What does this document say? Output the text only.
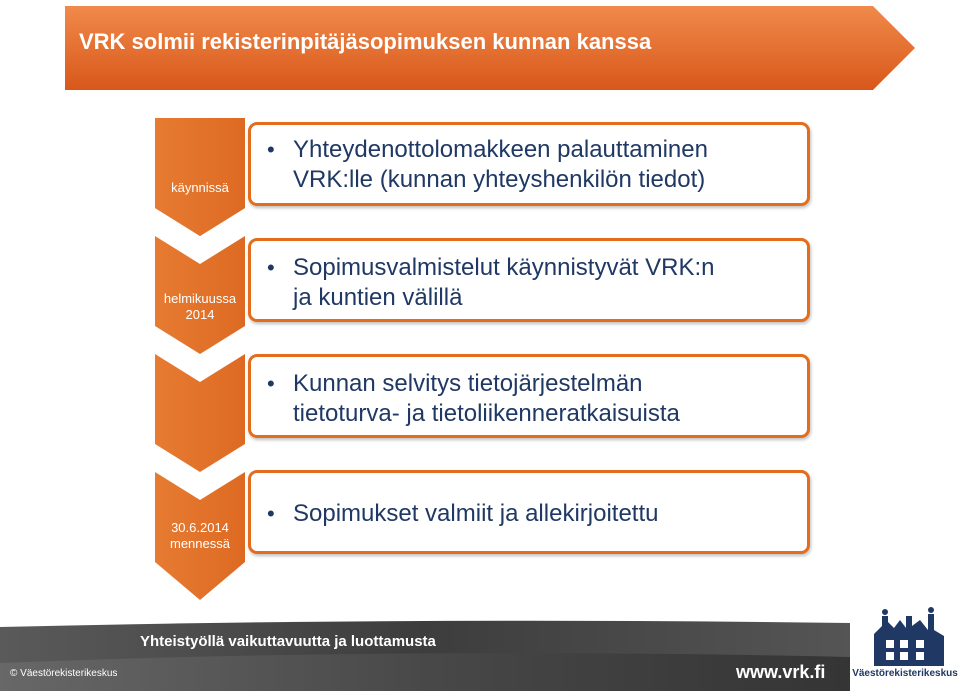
VRK solmii rekisterinpitäjäsopimuksen kunnan kanssa
käynnissä
helmikuussa
2014
30.6.2014
mennessä
• Yhteydenottolomakkeen palauttaminen
VRK:lle (kunnan yhteyshenkilön tiedot)
• Sopimusvalmistelut käynnistyvät VRK:n
ja kuntien välillä
• Kunnan selvitys tietojärjestelmän
tietoturva- ja tietoliikenneratkaisuista
• Sopimukset valmiit ja allekirjoitettu
Yhteistyöllä vaikuttavuutta ja luottamusta
© Väestörekisterikeskus	www.vrk.fi	Väestörekisterikeskus
